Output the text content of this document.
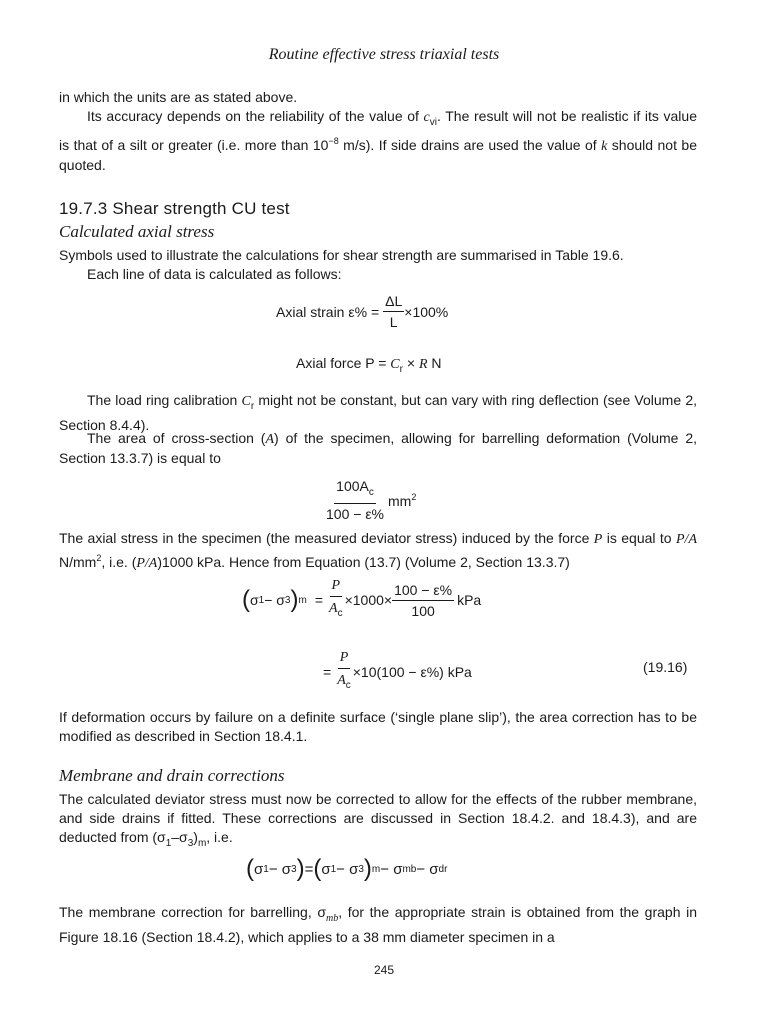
Routine effective stress triaxial tests
in which the units are as stated above.
Its accuracy depends on the reliability of the value of $c_{vi}$. The result will not be realistic if its value is that of a silt or greater (i.e. more than $10^{-8}$ m/s). If side drains are used the value of k should not be quoted.
19.7.3 Shear strength CU test
Calculated axial stress
Symbols used to illustrate the calculations for shear strength are summarised in Table 19.6.
Each line of data is calculated as follows:
Axial strain $\varepsilon\% = \frac{\Delta L}{L} \times 100\%$
Axial force $P = C_r \times R$ N
The load ring calibration $C_r$ might not be constant, but can vary with ring deflection (see Volume 2, Section 8.4.4).
The area of cross-section (A) of the specimen, allowing for barrelling deformation (Volume 2, Section 13.3.7) is equal to
$\frac{100A_c}{100 - \varepsilon\%} mm^2$
The axial stress in the specimen (the measured deviator stress) induced by the force P is equal to P/A $N/mm^2$, i.e. (P/A)1000 kPa. Hence from Equation (13.7) (Volume 2, Section 13.3.7)
( σ 1 − σ 3 ) $m = \frac{P}{A_c} \times 1000\times \frac{100 - \varepsilon\%}{100}$ kPa
= $\frac{P}{A_c} \times 10(100 - \varepsilon\%)$ kPa	(19.16)
If deformation occurs by failure on a definite surface (‘single plane slip’), the area correction has to be modified as described in Section 18.4.1.
Membrane and drain corrections
The calculated deviator stress must now be corrected to allow for the effects of the rubber membrane, and side drains if fitted. These corrections are discussed in Section 18.4.2. and 18.4.3), and are deducted from $(\sigma_1-\sigma_3)_m$, i.e.
( σ 1 − σ 3 ) = ( σ 1 − σ 3 ) m − σ mb − σ dr
The membrane correction for barrelling, $\sigma_{mb}$, for the appropriate strain is obtained from the graph in Figure 18.16 (Section 18.4.2), which applies to a 38 mm diameter specimen in a
245
